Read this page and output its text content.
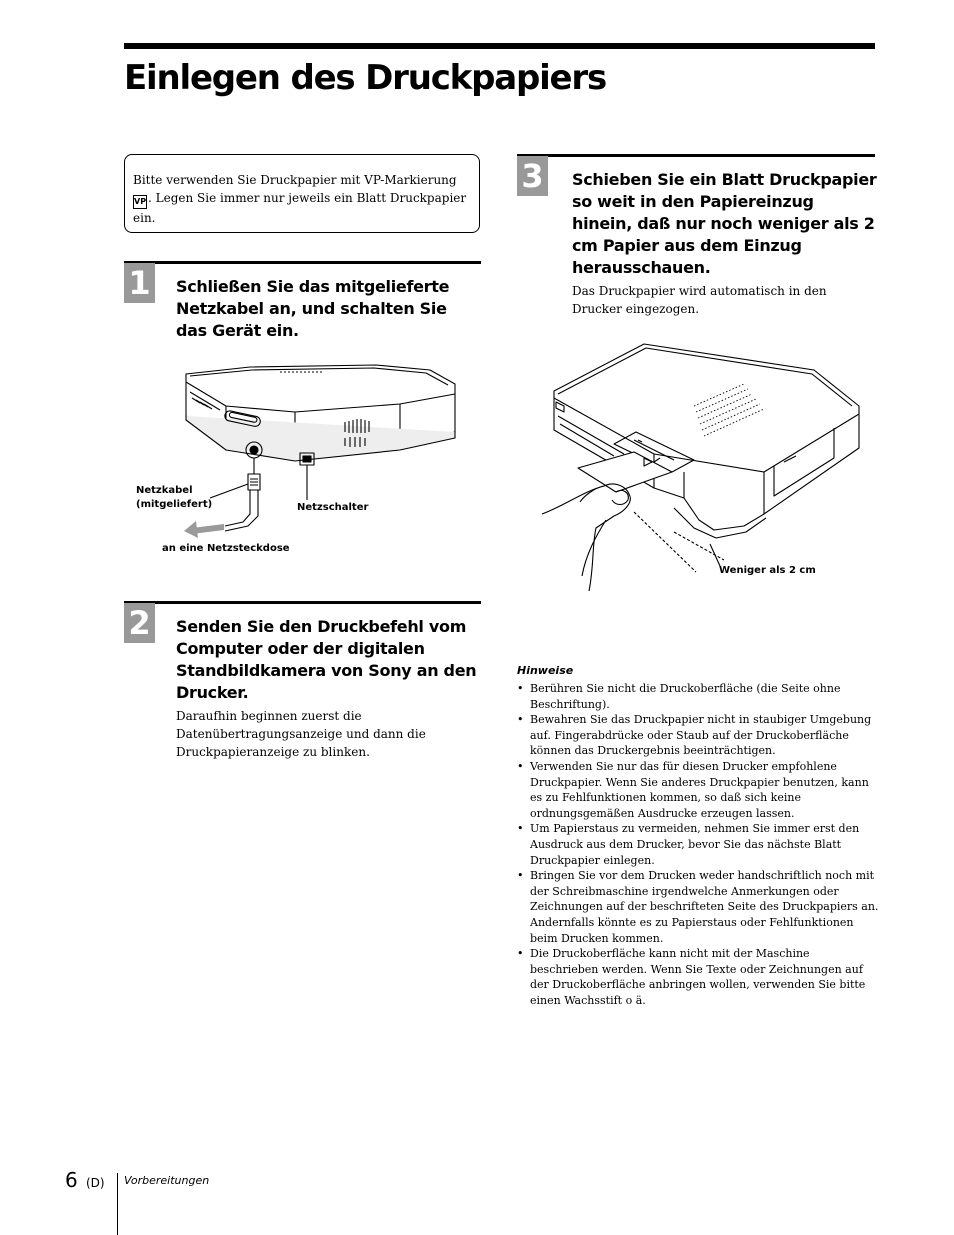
Einlegen des Druckpapiers
Bitte verwenden Sie Druckpapier mit VP-Markierung
VP . Legen Sie immer nur jeweils ein Blatt Druckpapier
ein.
1 Schließen Sie das mitgelieferte Netzkabel an, und schalten Sie das Gerät ein.
Netzkabel
(mitgeliefert)	Netzschalter
an eine Netzsteckdose
2 Senden Sie den Druckbefehl vom Computer oder der digitalen Standbildkamera von Sony an den Drucker.
Daraufhin beginnen zuerst die Datenübertragungsanzeige und dann die Druckpapieranzeige zu blinken.
3 Schieben Sie ein Blatt Druckpapier so weit in den Papiereinzug hinein, daß nur noch weniger als 2 cm Papier aus dem Einzug herausschauen.
Das Druckpapier wird automatisch in den Drucker eingezogen.
Weniger als 2 cm
Hinweise
• Berühren Sie nicht die Druckoberfläche (die Seite ohne Beschriftung).
• Bewahren Sie das Druckpapier nicht in staubiger Umgebung auf. Fingerabdrücke oder Staub auf der Druckoberfläche können das Druckergebnis beeinträchtigen.
• Verwenden Sie nur das für diesen Drucker empfohlene Druckpapier. Wenn Sie anderes Druckpapier benutzen, kann es zu Fehlfunktionen kommen, so daß sich keine ordnungsgemäßen Ausdrucke erzeugen lassen.
• Um Papierstaus zu vermeiden, nehmen Sie immer erst den Ausdruck aus dem Drucker, bevor Sie das nächste Blatt Druckpapier einlegen.
• Bringen Sie vor dem Drucken weder handschriftlich noch mit der Schreibmaschine irgendwelche Anmerkungen oder Zeichnungen auf der beschrifteten Seite des Druckpapiers an. Andernfalls könnte es zu Papierstaus oder Fehlfunktionen beim Drucken kommen.
• Die Druckoberfläche kann nicht mit der Maschine beschrieben werden. Wenn Sie Texte oder Zeichnungen auf der Druckoberfläche anbringen wollen, verwenden Sie bitte einen Wachsstift o ä.
6 (D) Vorbereitungen
